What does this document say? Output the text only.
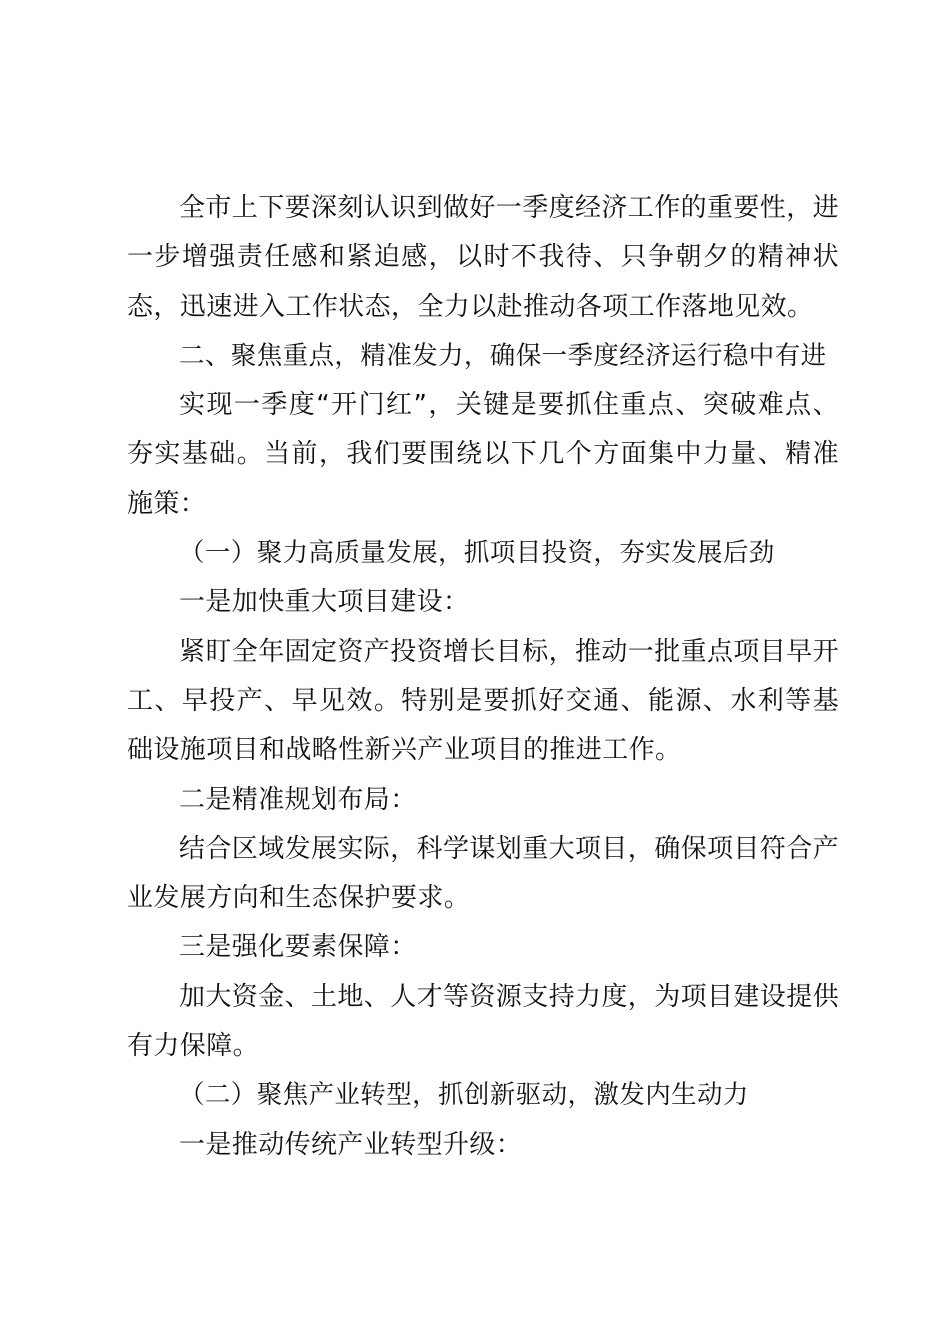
全市上下要深刻认识到做好一季度经济工作的重要性，进一步增强责任感和紧迫感，以时不我待、只争朝夕的精神状态，迅速进入工作状态，全力以赴推动各项工作落地见效。

二、聚焦重点，精准发力，确保一季度经济运行稳中有进

实现一季度“开门红”，关键是要抓住重点、突破难点、夯实基础。当前，我们要围绕以下几个方面集中力量、精准施策：

（一）聚力高质量发展，抓项目投资，夯实发展后劲

一是加快重大项目建设：

紧盯全年固定资产投资增长目标，推动一批重点项目早开工、早投产、早见效。特别是要抓好交通、能源、水利等基础设施项目和战略性新兴产业项目的推进工作。

二是精准规划布局：

结合区域发展实际，科学谋划重大项目，确保项目符合产业发展方向和生态保护要求。

三是强化要素保障：

加大资金、土地、人才等资源支持力度，为项目建设提供有力保障。

（二）聚焦产业转型，抓创新驱动，激发内生动力

一是推动传统产业转型升级：
